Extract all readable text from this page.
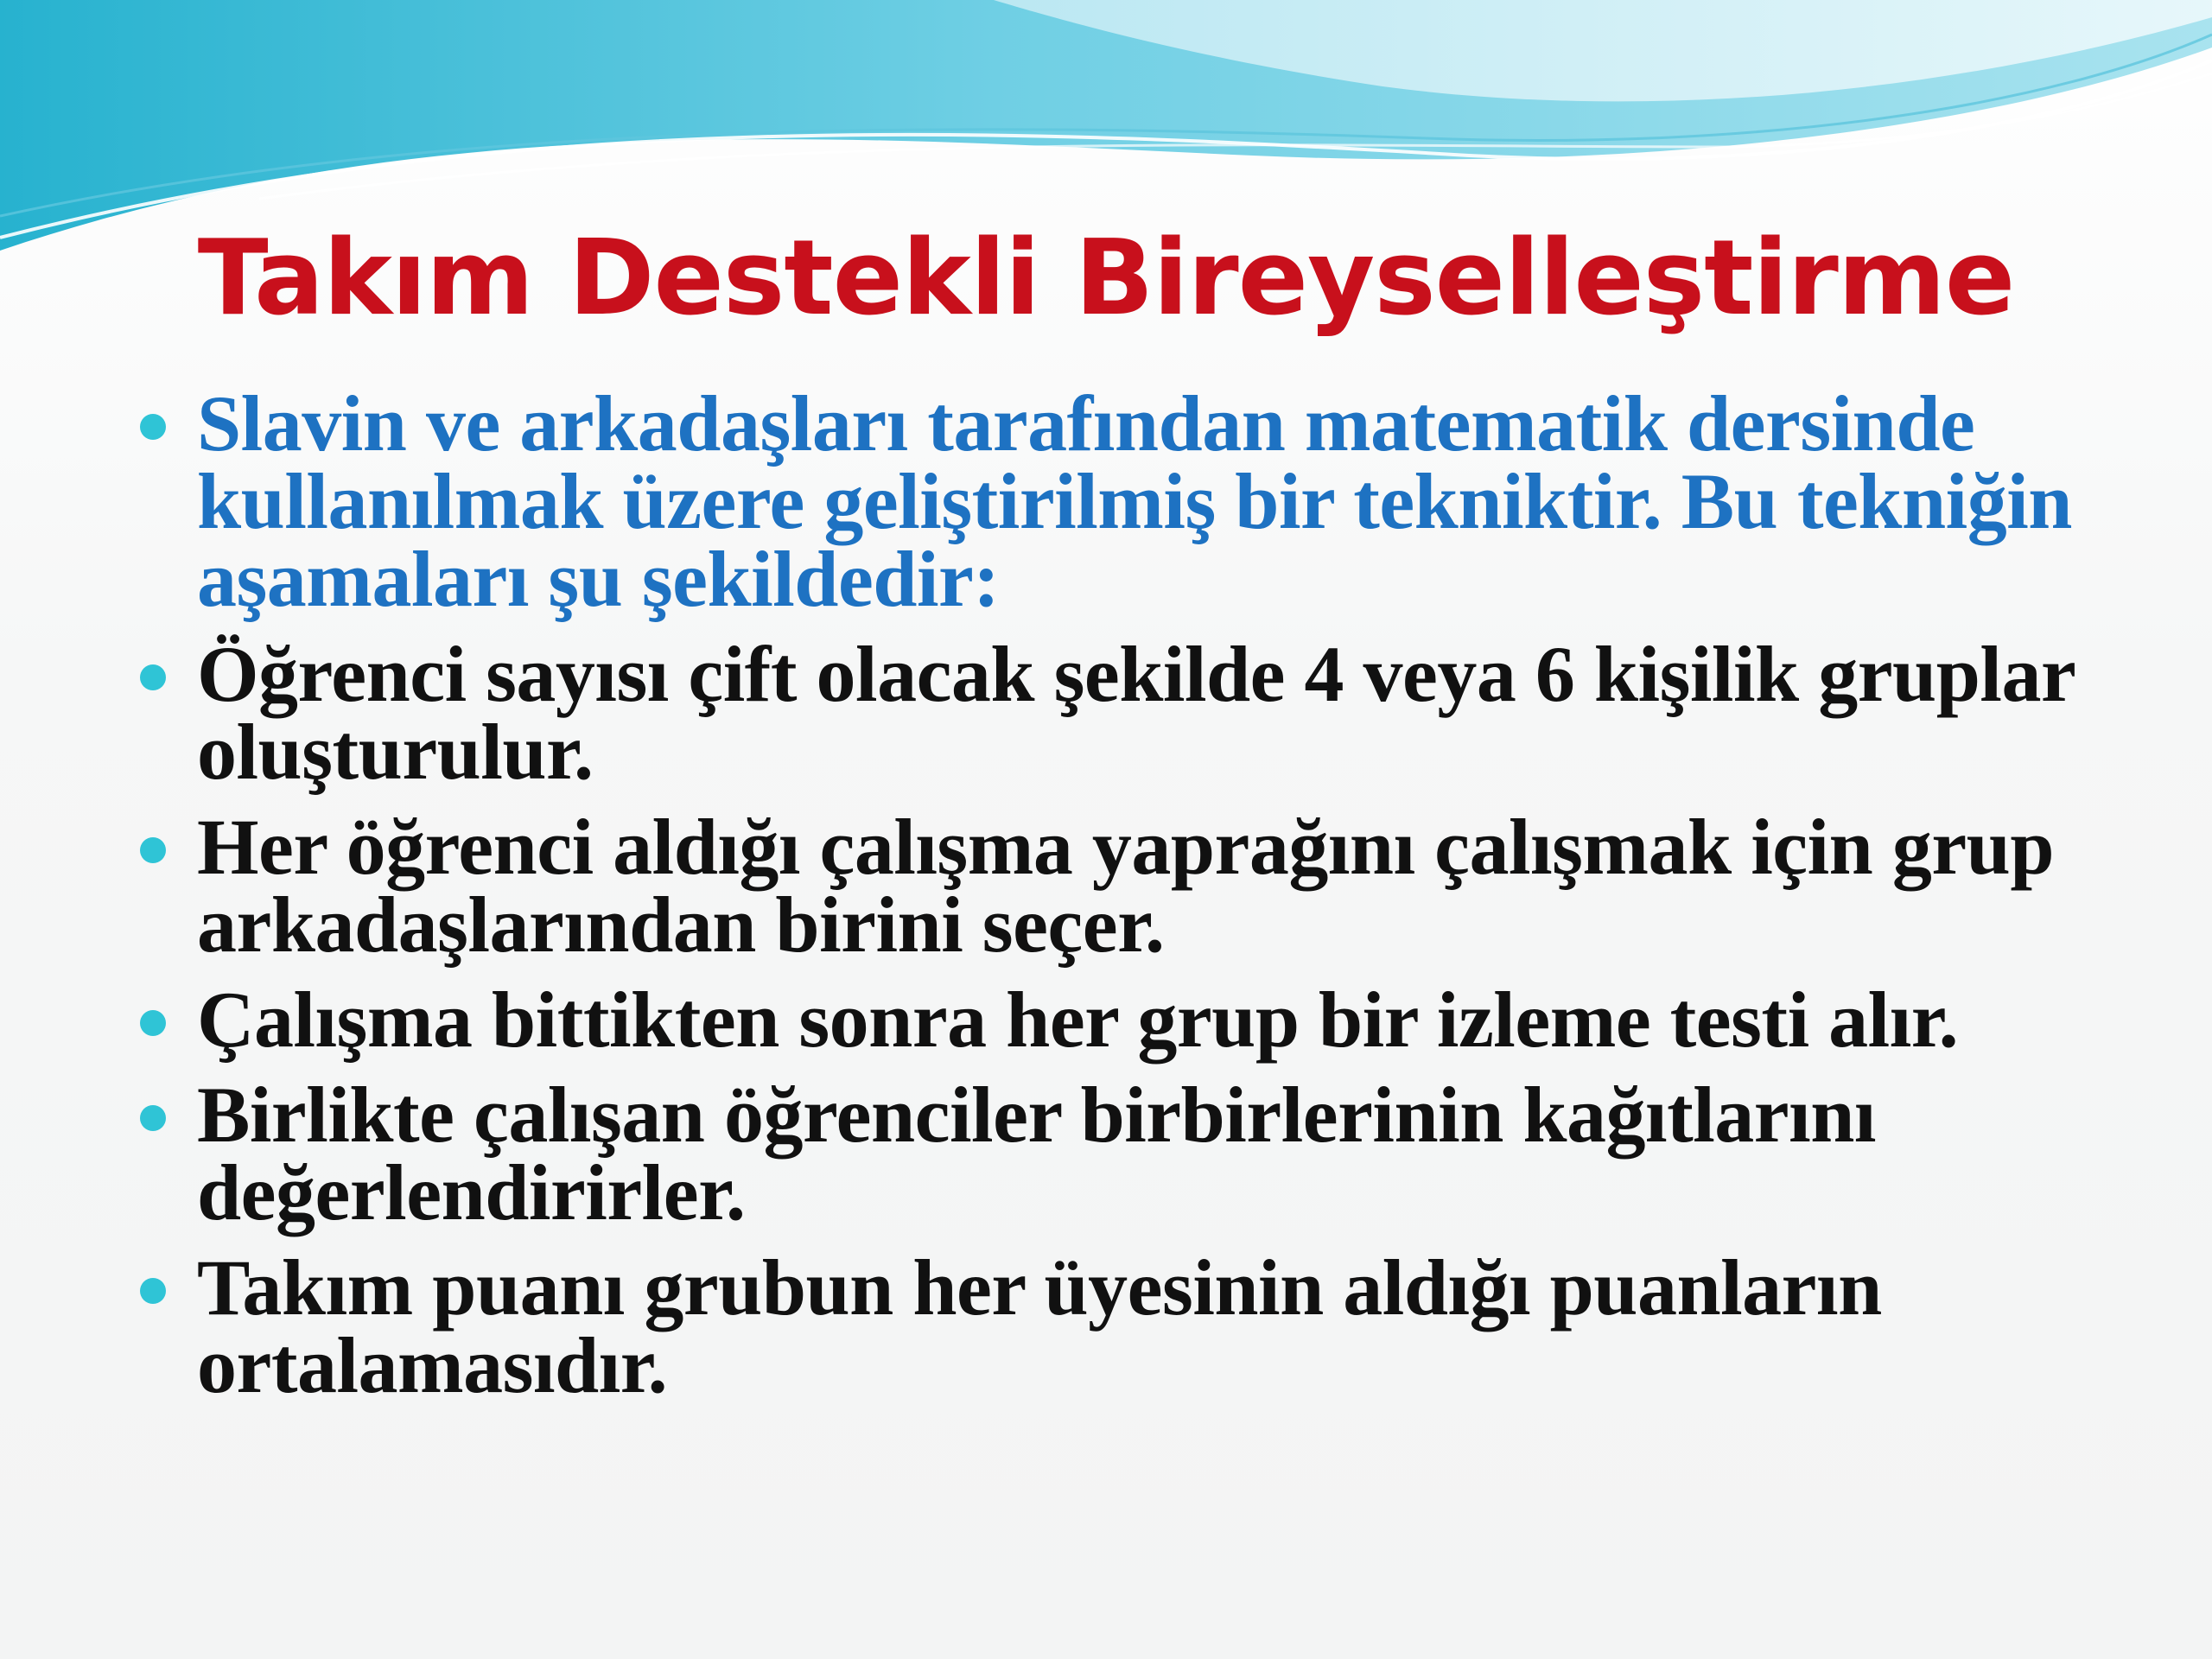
Takım Destekli Bireyselleştirme
Slavin ve arkadaşları tarafından matematik dersinde kullanılmak üzere geliştirilmiş bir tekniktir. Bu tekniğin aşamaları şu şekildedir:
Öğrenci sayısı çift olacak şekilde 4 veya 6 kişilik gruplar oluşturulur.
Her öğrenci aldığı çalışma yaprağını çalışmak için grup arkadaşlarından birini seçer.
Çalışma bittikten sonra her grup bir izleme testi alır.
Birlikte çalışan öğrenciler birbirlerinin kağıtlarını değerlendirirler.
Takım puanı grubun her üyesinin aldığı puanların ortalamasıdır.
